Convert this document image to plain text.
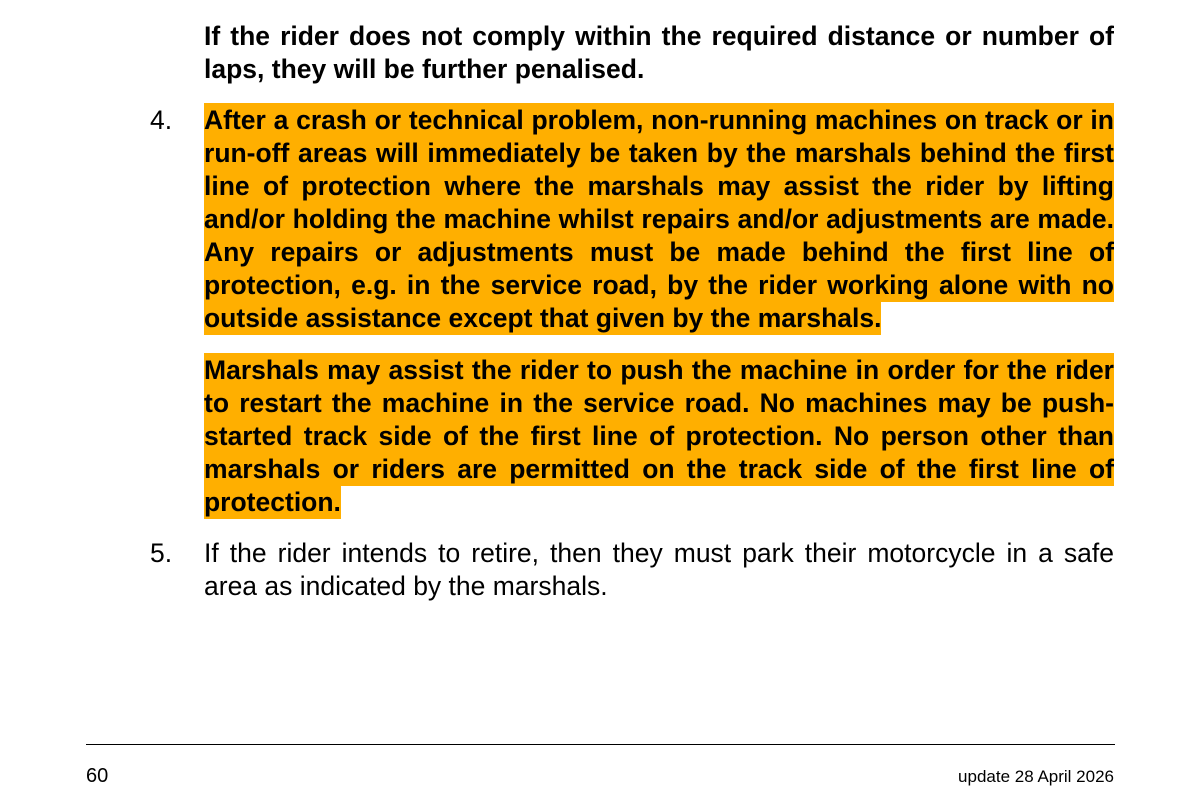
If the rider does not comply within the required distance or number of laps, they will be further penalised.

4. After a crash or technical problem, non-running machines on track or in run-off areas will immediately be taken by the marshals behind the first line of protection where the marshals may assist the rider by lifting and/or holding the machine whilst repairs and/or adjustments are made. Any repairs or adjustments must be made behind the first line of protection, e.g. in the service road, by the rider working alone with no outside assistance except that given by the marshals.

Marshals may assist the rider to push the machine in order for the rider to restart the machine in the service road. No machines may be push-started track side of the first line of protection. No person other than marshals or riders are permitted on the track side of the first line of protection.

5. If the rider intends to retire, then they must park their motorcycle in a safe area as indicated by the marshals.

60	update 28 April 2026
